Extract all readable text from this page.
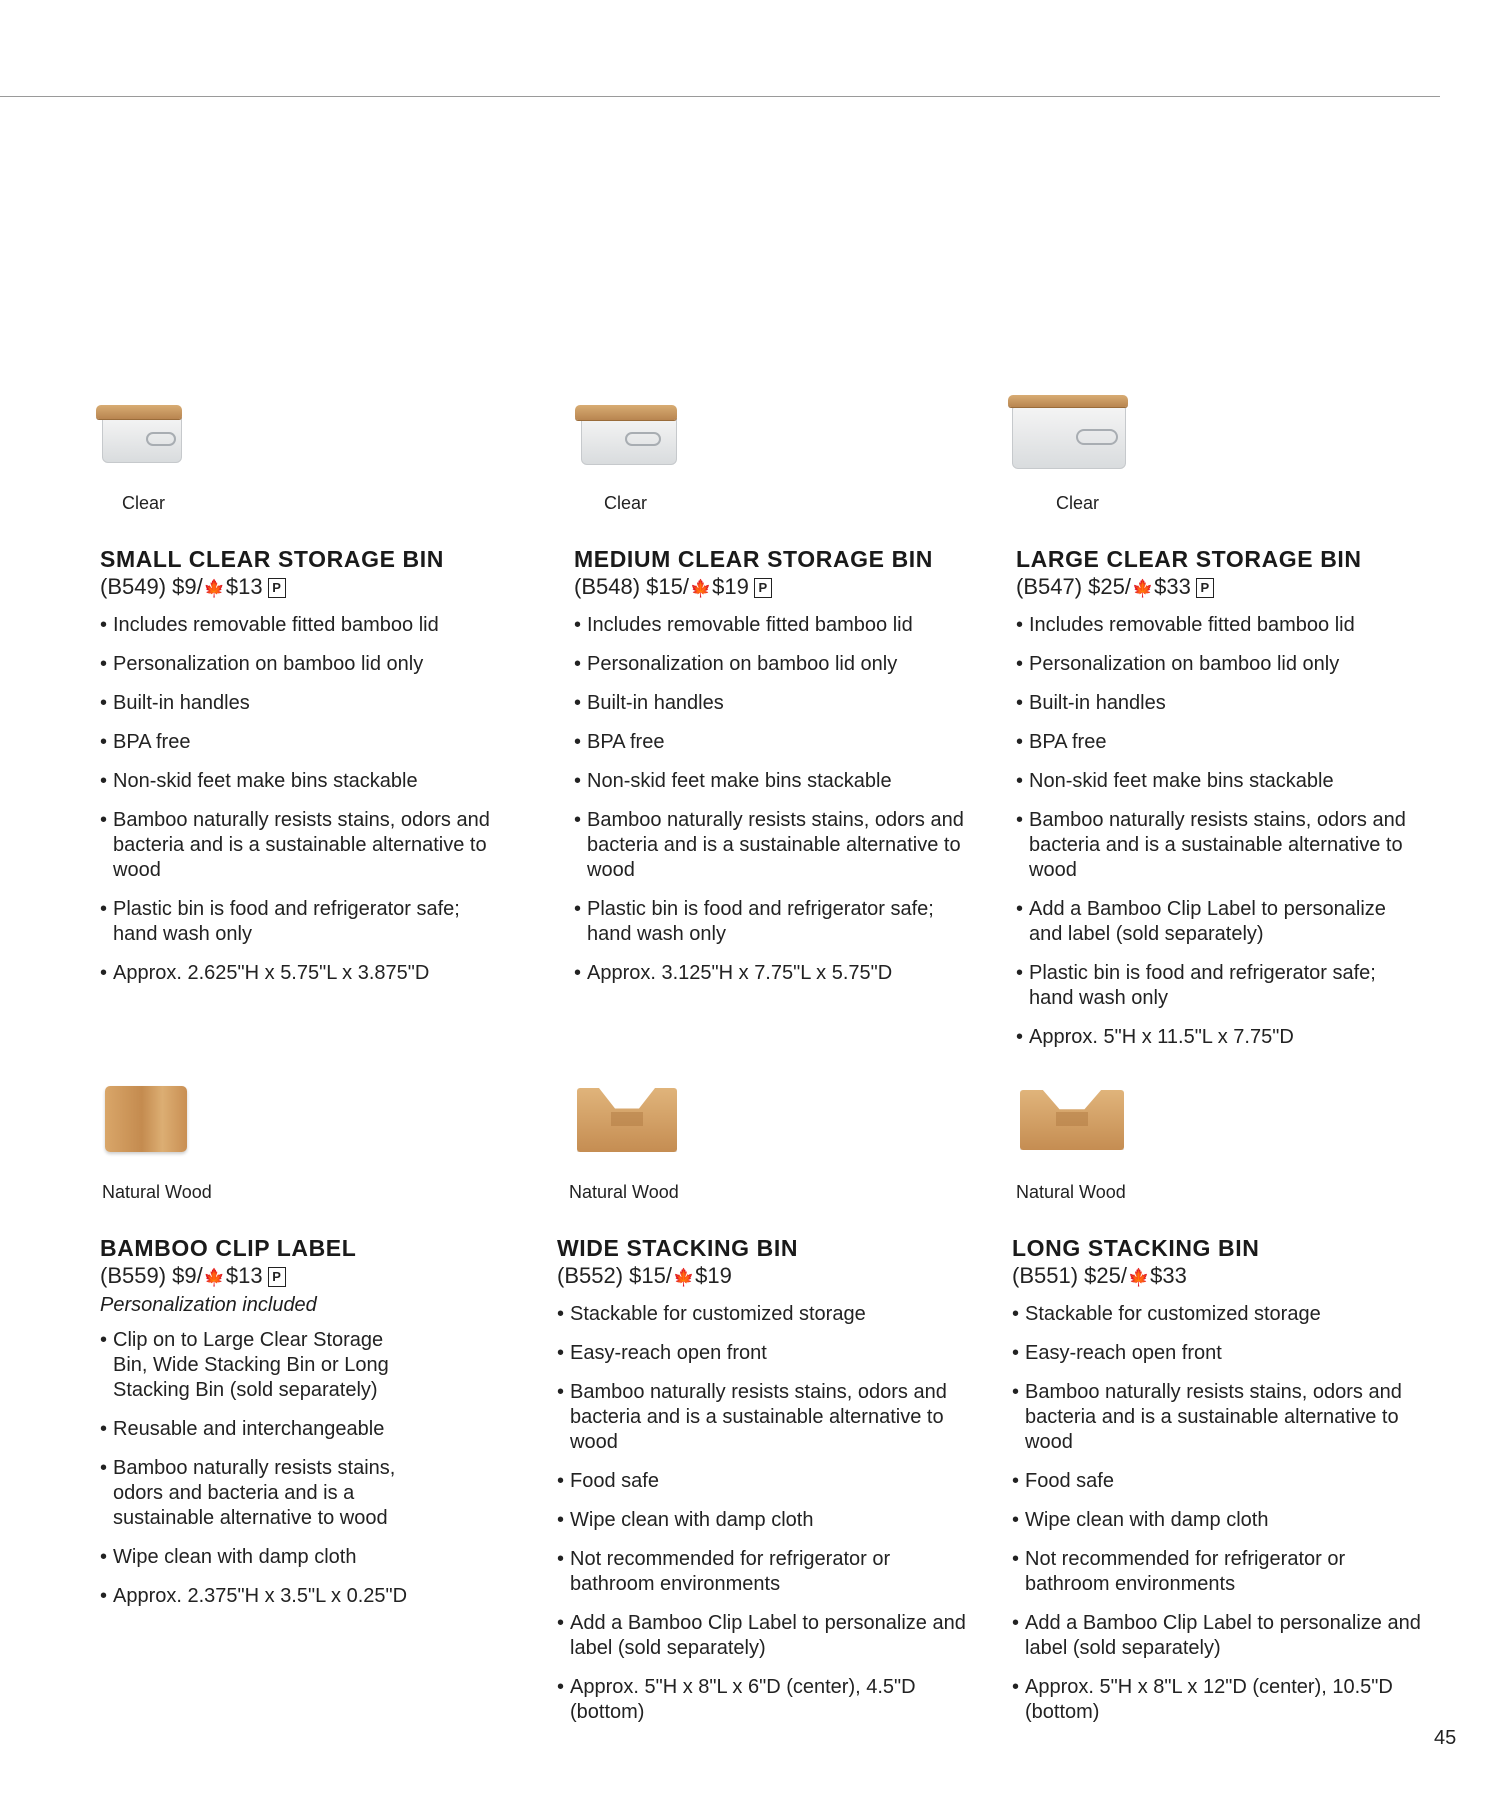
Clear
SMALL CLEAR STORAGE BIN
(B549) $9/🍁$13 P
• Includes removable fitted bamboo lid
• Personalization on bamboo lid only
• Built-in handles
• BPA free
• Non-skid feet make bins stackable
• Bamboo naturally resists stains, odors and bacteria and is a sustainable alternative to wood
• Plastic bin is food and refrigerator safe; hand wash only
• Approx. 2.625"H x 5.75"L x 3.875"D
Clear
MEDIUM CLEAR STORAGE BIN
(B548) $15/🍁$19 P
• Includes removable fitted bamboo lid
• Personalization on bamboo lid only
• Built-in handles
• BPA free
• Non-skid feet make bins stackable
• Bamboo naturally resists stains, odors and bacteria and is a sustainable alternative to wood
• Plastic bin is food and refrigerator safe; hand wash only
• Approx. 3.125"H x 7.75"L x 5.75"D
Clear
LARGE CLEAR STORAGE BIN
(B547) $25/🍁$33 P
• Includes removable fitted bamboo lid
• Personalization on bamboo lid only
• Built-in handles
• BPA free
• Non-skid feet make bins stackable
• Bamboo naturally resists stains, odors and bacteria and is a sustainable alternative to wood
• Add a Bamboo Clip Label to personalize and label (sold separately)
• Plastic bin is food and refrigerator safe; hand wash only
• Approx. 5"H x 11.5"L x 7.75"D
Natural Wood
BAMBOO CLIP LABEL
(B559) $9/🍁$13 P
Personalization included
• Clip on to Large Clear Storage Bin, Wide Stacking Bin or Long Stacking Bin (sold separately)
• Reusable and interchangeable
• Bamboo naturally resists stains, odors and bacteria and is a sustainable alternative to wood
• Wipe clean with damp cloth
• Approx. 2.375"H x 3.5"L x 0.25"D
Natural Wood
WIDE STACKING BIN
(B552) $15/🍁$19
• Stackable for customized storage
• Easy-reach open front
• Bamboo naturally resists stains, odors and bacteria and is a sustainable alternative to wood
• Food safe
• Wipe clean with damp cloth
• Not recommended for refrigerator or bathroom environments
• Add a Bamboo Clip Label to personalize and label (sold separately)
• Approx. 5"H x 8"L x 6"D (center), 4.5"D (bottom)
Natural Wood
LONG STACKING BIN
(B551) $25/🍁$33
• Stackable for customized storage
• Easy-reach open front
• Bamboo naturally resists stains, odors and bacteria and is a sustainable alternative to wood
• Food safe
• Wipe clean with damp cloth
• Not recommended for refrigerator or bathroom environments
• Add a Bamboo Clip Label to personalize and label (sold separately)
• Approx. 5"H x 8"L x 12"D (center), 10.5"D (bottom)
45
